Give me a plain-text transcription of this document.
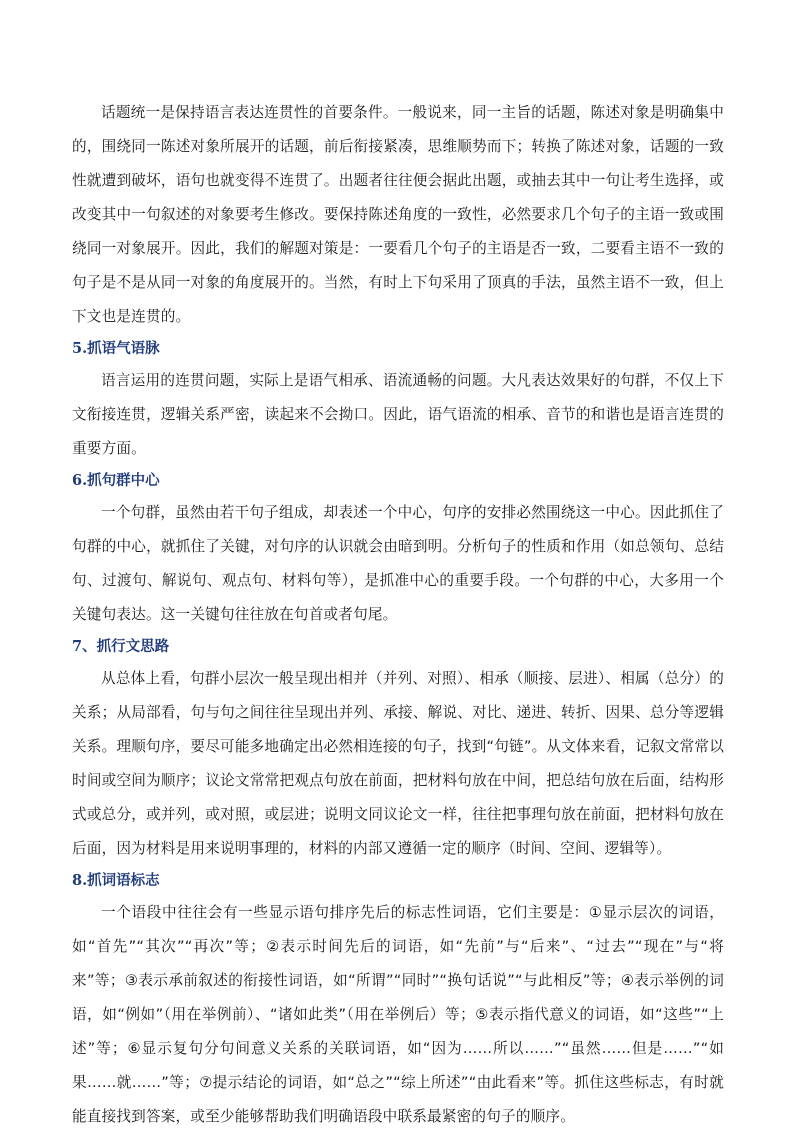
话题统一是保持语言表达连贯性的首要条件。一般说来，同一主旨的话题，陈述对象是明确集中的，围绕同一陈述对象所展开的话题，前后衔接紧凑，思维顺势而下；转换了陈述对象，话题的一致性就遭到破坏，语句也就变得不连贯了。出题者往往便会据此出题，或抽去其中一句让考生选择，或改变其中一句叙述的对象要考生修改。要保持陈述角度的一致性，必然要求几个句子的主语一致或围绕同一对象展开。因此，我们的解题对策是：一要看几个句子的主语是否一致，二要看主语不一致的句子是不是从同一对象的角度展开的。当然，有时上下句采用了顶真的手法，虽然主语不一致，但上下文也是连贯的。

5.抓语气语脉

语言运用的连贯问题，实际上是语气相承、语流通畅的问题。大凡表达效果好的句群，不仅上下文衔接连贯，逻辑关系严密，读起来不会拗口。因此，语气语流的相承、音节的和谐也是语言连贯的重要方面。

6.抓句群中心

一个句群，虽然由若干句子组成，却表述一个中心，句序的安排必然围绕这一中心。因此抓住了句群的中心，就抓住了关键，对句序的认识就会由暗到明。分析句子的性质和作用（如总领句、总结句、过渡句、解说句、观点句、材料句等），是抓准中心的重要手段。一个句群的中心，大多用一个关键句表达。这一关键句往往放在句首或者句尾。

7、抓行文思路

从总体上看，句群小层次一般呈现出相并（并列、对照）、相承（顺接、层进）、相属（总分）的关系；从局部看，句与句之间往往呈现出并列、承接、解说、对比、递进、转折、因果、总分等逻辑关系。理顺句序，要尽可能多地确定出必然相连接的句子，找到“句链”。从文体来看，记叙文常常以时间或空间为顺序；议论文常常把观点句放在前面，把材料句放在中间，把总结句放在后面，结构形式或总分，或并列，或对照，或层进；说明文同议论文一样，往往把事理句放在前面，把材料句放在后面，因为材料是用来说明事理的，材料的内部又遵循一定的顺序（时间、空间、逻辑等）。

8.抓词语标志

一个语段中往往会有一些显示语句排序先后的标志性词语，它们主要是：①显示层次的词语，如“首先”“其次”“再次”等；②表示时间先后的词语，如“先前”与“后来”、“过去”“现在”与“将来”等；③表示承前叙述的衔接性词语，如“所谓”“同时”“换句话说”“与此相反”等；④表示举例的词语，如“例如”（用在举例前）、“诸如此类”（用在举例后）等；⑤表示指代意义的词语，如“这些”“上述”等；⑥显示复句分句间意义关系的关联词语，如“因为……所以……”“虽然……但是……”“如果……就……”等；⑦提示结论的词语，如“总之”“综上所述”“由此看来”等。抓住这些标志，有时就能直接找到答案，或至少能够帮助我们明确语段中联系最紧密的句子的顺序。
